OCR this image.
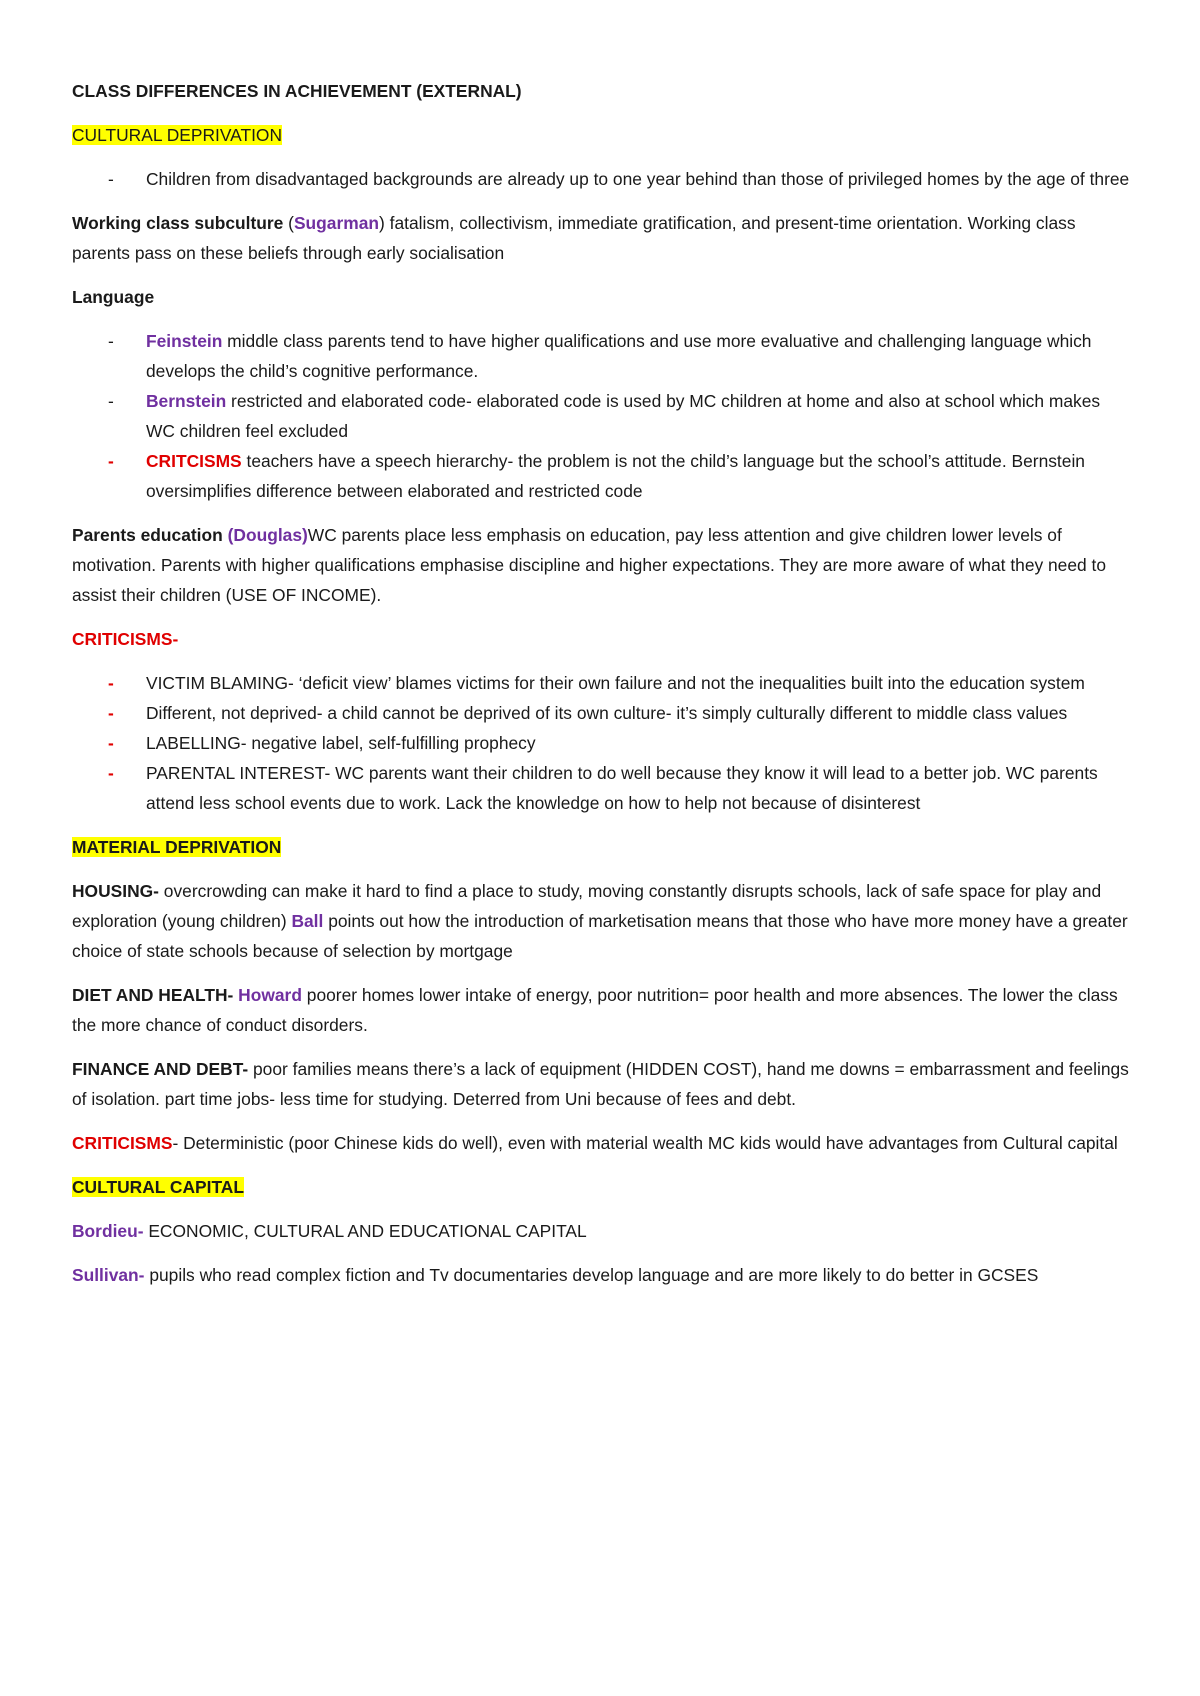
CLASS DIFFERENCES IN ACHIEVEMENT (EXTERNAL)

CULTURAL DEPRIVATION

-	Children from disadvantaged backgrounds are already up to one year behind than those of privileged homes by the age of three

Working class subculture (Sugarman) fatalism, collectivism, immediate gratification, and present-time orientation. Working class parents pass on these beliefs through early socialisation

Language

-	Feinstein middle class parents tend to have higher qualifications and use more evaluative and challenging language which develops the child’s cognitive performance.
-	Bernstein restricted and elaborated code- elaborated code is used by MC children at home and also at school which makes WC children feel excluded
-	CRITCISMS teachers have a speech hierarchy- the problem is not the child’s language but the school’s attitude. Bernstein oversimplifies difference between elaborated and restricted code

Parents education (Douglas)WC parents place less emphasis on education, pay less attention and give children lower levels of motivation. Parents with higher qualifications emphasise discipline and higher expectations. They are more aware of what they need to assist their children (USE OF INCOME).

CRITICISMS-

-	VICTIM BLAMING- ‘deficit view’ blames victims for their own failure and not the inequalities built into the education system
-	Different, not deprived- a child cannot be deprived of its own culture- it’s simply culturally different to middle class values
-	LABELLING- negative label, self-fulfilling prophecy
-	PARENTAL INTEREST- WC parents want their children to do well because they know it will lead to a better job. WC parents attend less school events due to work. Lack the knowledge on how to help not because of disinterest

MATERIAL DEPRIVATION

HOUSING- overcrowding can make it hard to find a place to study, moving constantly disrupts schools, lack of safe space for play and exploration (young children) Ball points out how the introduction of marketisation means that those who have more money have a greater choice of state schools because of selection by mortgage

DIET AND HEALTH- Howard poorer homes lower intake of energy, poor nutrition= poor health and more absences. The lower the class the more chance of conduct disorders.

FINANCE AND DEBT- poor families means there’s a lack of equipment (HIDDEN COST), hand me downs = embarrassment and feelings of isolation. part time jobs- less time for studying. Deterred from Uni because of fees and debt.

CRITICISMS- Deterministic (poor Chinese kids do well), even with material wealth MC kids would have advantages from Cultural capital

CULTURAL CAPITAL

Bordieu- ECONOMIC, CULTURAL AND EDUCATIONAL CAPITAL

Sullivan- pupils who read complex fiction and Tv documentaries develop language and are more likely to do better in GCSES
